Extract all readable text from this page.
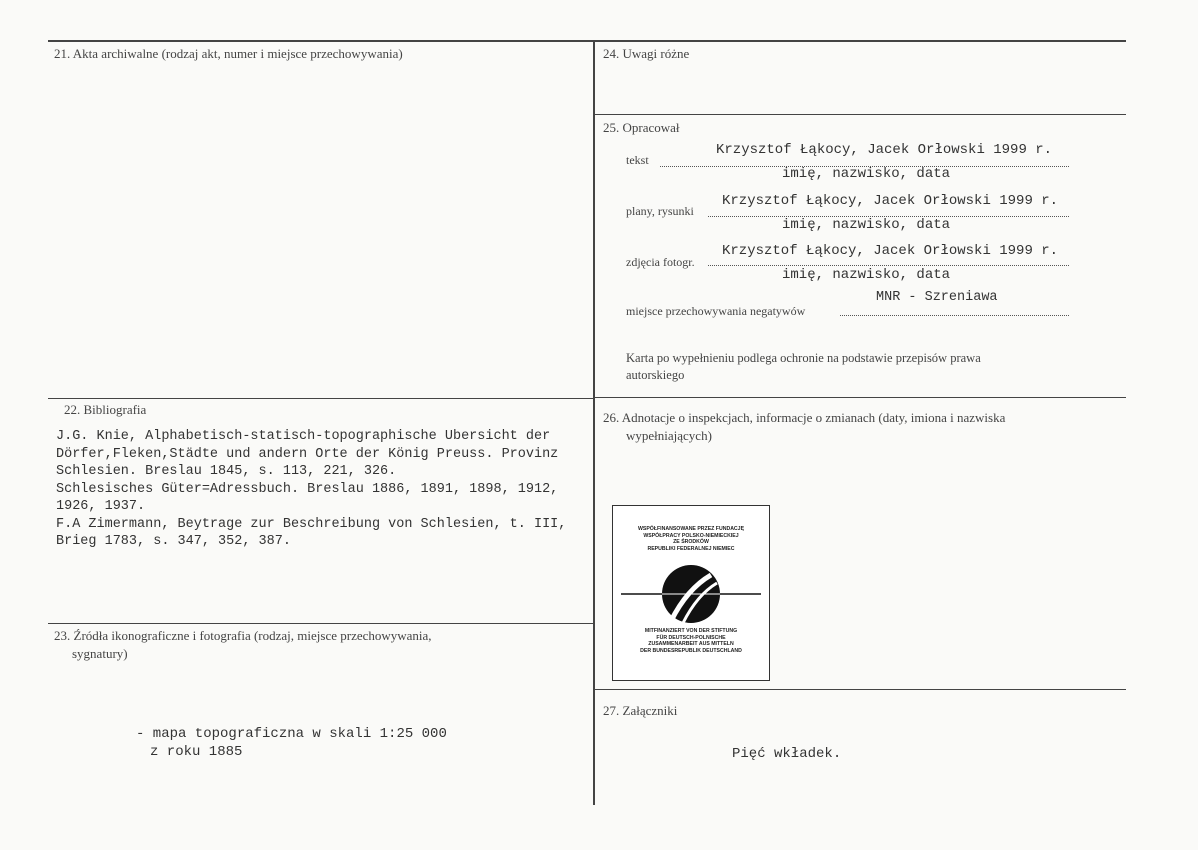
21. Akta archiwalne (rodzaj akt, numer i miejsce przechowywania)
22. Bibliografia
J.G. Knie, Alphabetisch-statisch-topographische Ubersicht der
Dörfer,Fleken,Städte und andern Orte der König Preuss. Provinz
Schlesien. Breslau 1845, s. 113, 221, 326.
Schlesisches Güter=Adressbuch. Breslau 1886, 1891, 1898, 1912,
1926, 1937.
F.A Zimermann, Beytrage zur Beschreibung von Schlesien, t. III,
Brieg 1783, s. 347, 352, 387.
23. Źródła ikonograficzne i fotografia (rodzaj, miejsce przechowywania,
sygnatury)
- mapa topograficzna w skali 1:25 000
z roku 1885
24. Uwagi różne
25. Opracował
tekst
Krzysztof Łąkocy, Jacek Orłowski 1999 r.
imię, nazwisko, data
plany, rysunki
Krzysztof Łąkocy, Jacek Orłowski 1999 r.
imię, nazwisko, data
zdjęcia fotogr.
Krzysztof Łąkocy, Jacek Orłowski 1999 r.
imię, nazwisko, data
miejsce przechowywania negatywów
MNR - Szreniawa
Karta po wypełnieniu podlega ochronie na podstawie przepisów prawa
autorskiego
26. Adnotacje o inspekcjach, informacje o zmianach (daty, imiona i nazwiska
wypełniających)
WSPÓŁFINANSOWANE PRZEZ FUNDACJĘ
WSPÓŁPRACY POLSKO-NIEMIECKIEJ
ZE ŚRODKÓW
REPUBLIKI FEDERALNEJ NIEMIEC
MITFINANZIERT VON DER STIFTUNG
FÜR DEUTSCH-POLNISCHE
ZUSAMMENARBEIT AUS MITTELN
DER BUNDESREPUBLIK DEUTSCHLAND
27. Załączniki
Pięć wkładek.
